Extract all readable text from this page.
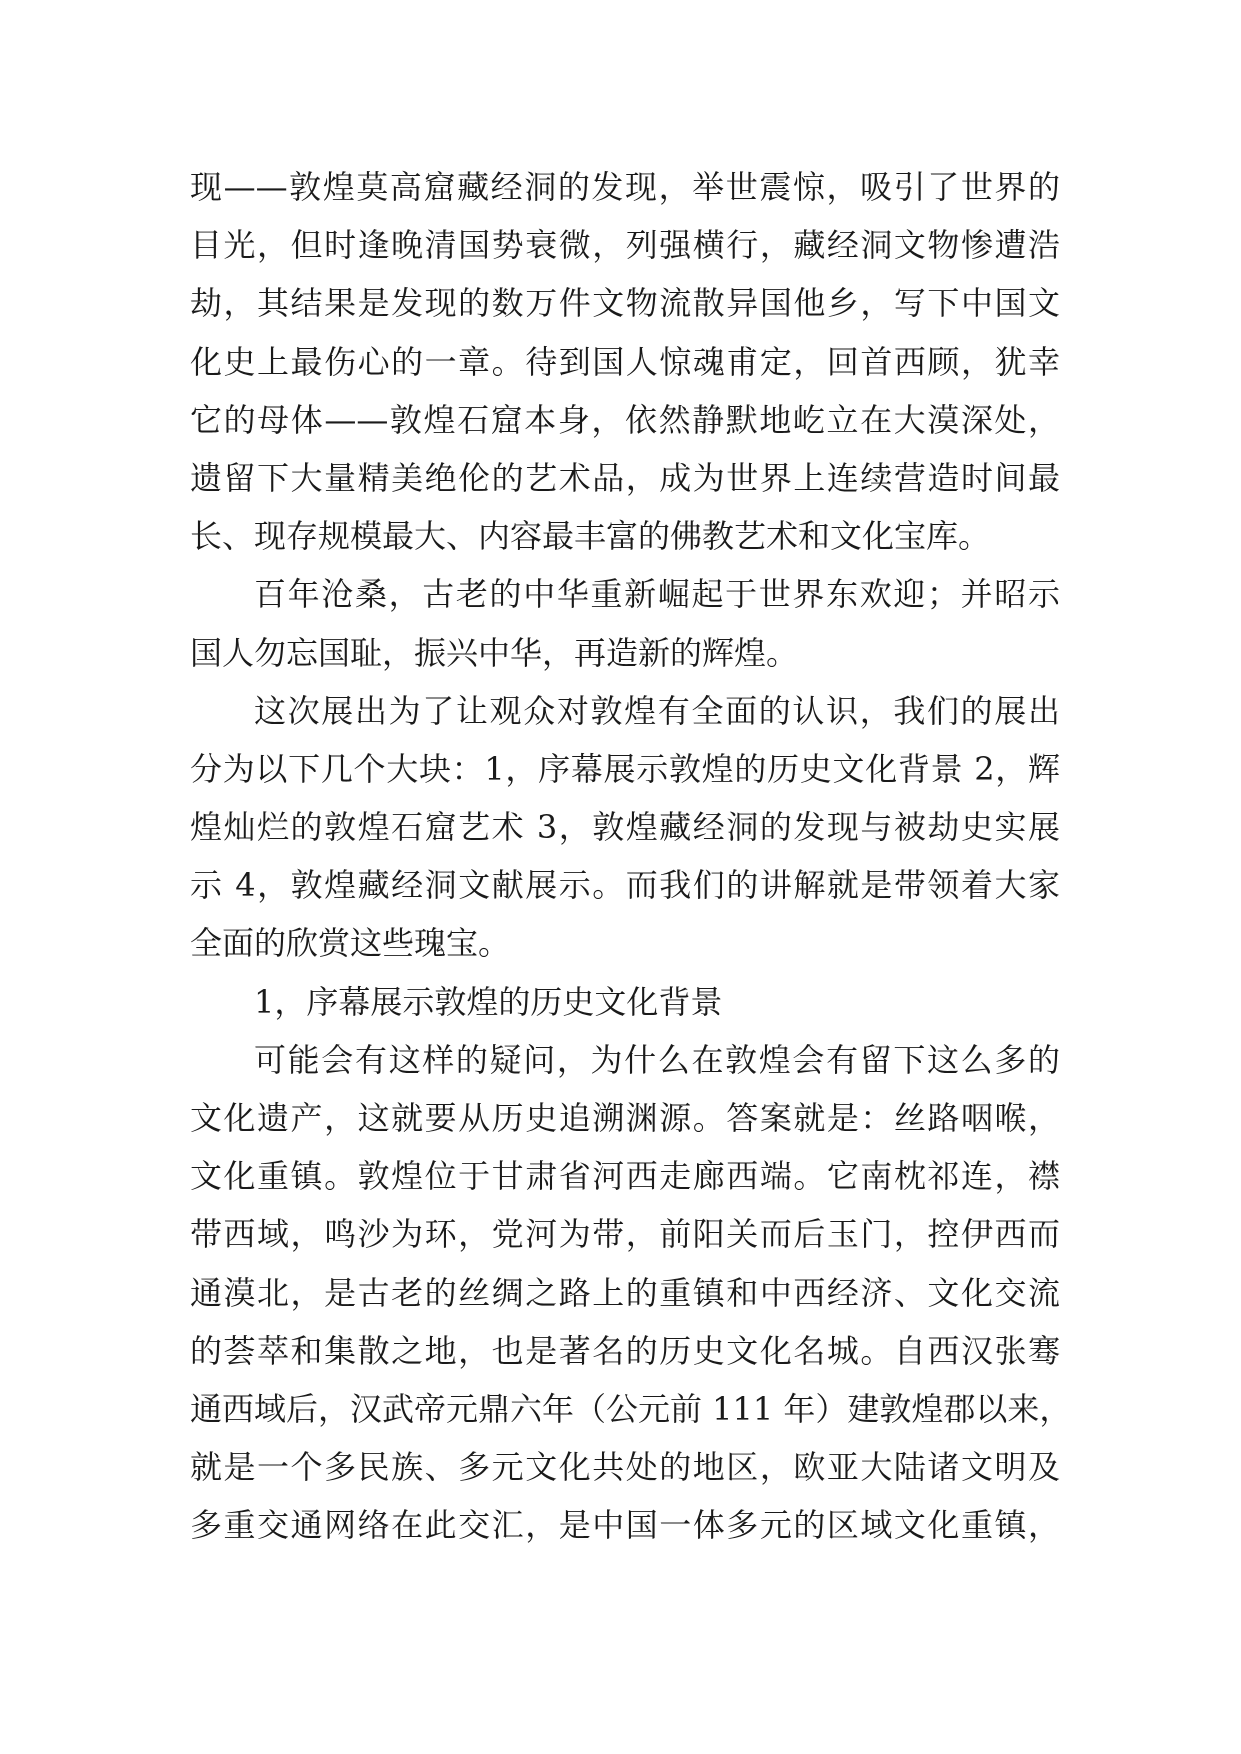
现——敦煌莫高窟藏经洞的发现，举世震惊，吸引了世界的
目光，但时逢晚清国势衰微，列强横行，藏经洞文物惨遭浩
劫，其结果是发现的数万件文物流散异国他乡，写下中国文
化史上最伤心的一章。待到国人惊魂甫定，回首西顾，犹幸
它的母体——敦煌石窟本身，依然静默地屹立在大漠深处，
遗留下大量精美绝伦的艺术品，成为世界上连续营造时间最
长、现存规模最大、内容最丰富的佛教艺术和文化宝库。
百年沧桑，古老的中华重新崛起于世界东欢迎；并昭示
国人勿忘国耻，振兴中华，再造新的辉煌。
这次展出为了让观众对敦煌有全面的认识，我们的展出
分为以下几个大块：1，序幕展示敦煌的历史文化背景 2，辉
煌灿烂的敦煌石窟艺术 3，敦煌藏经洞的发现与被劫史实展
示 4，敦煌藏经洞文献展示。而我们的讲解就是带领着大家
全面的欣赏这些瑰宝。
1，序幕展示敦煌的历史文化背景
可能会有这样的疑问，为什么在敦煌会有留下这么多的
文化遗产，这就要从历史追溯渊源。答案就是：丝路咽喉，
文化重镇。敦煌位于甘肃省河西走廊西端。它南枕祁连，襟
带西域，鸣沙为环，党河为带，前阳关而后玉门，控伊西而
通漠北，是古老的丝绸之路上的重镇和中西经济、文化交流
的荟萃和集散之地，也是著名的历史文化名城。自西汉张骞
通西域后，汉武帝元鼎六年（公元前 111 年）建敦煌郡以来，
就是一个多民族、多元文化共处的地区，欧亚大陆诸文明及
多重交通网络在此交汇，是中国一体多元的区域文化重镇，
